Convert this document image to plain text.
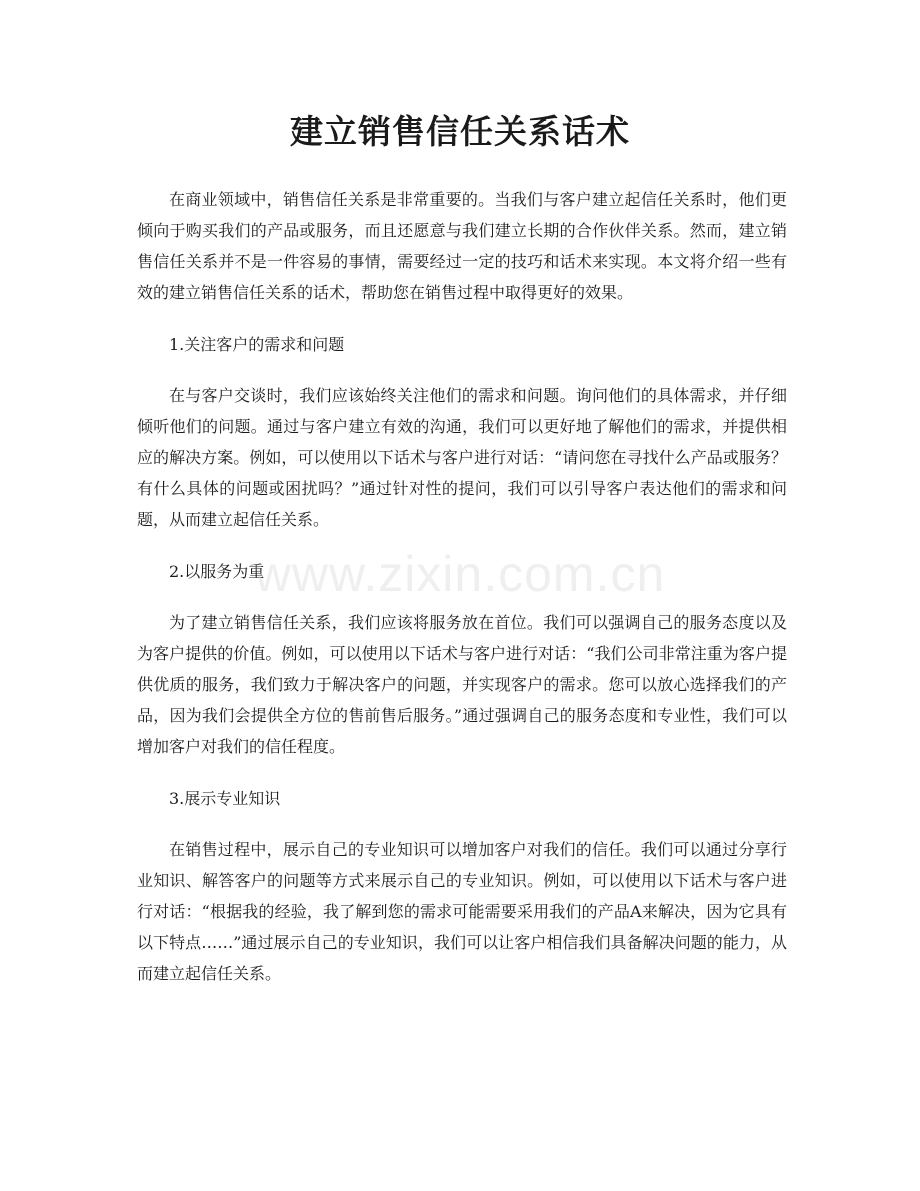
建立销售信任关系话术

在商业领域中，销售信任关系是非常重要的。当我们与客户建立起信任关系时，他们更倾向于购买我们的产品或服务，而且还愿意与我们建立长期的合作伙伴关系。然而，建立销售信任关系并不是一件容易的事情，需要经过一定的技巧和话术来实现。本文将介绍一些有效的建立销售信任关系的话术，帮助您在销售过程中取得更好的效果。

1.关注客户的需求和问题

在与客户交谈时，我们应该始终关注他们的需求和问题。询问他们的具体需求，并仔细倾听他们的问题。通过与客户建立有效的沟通，我们可以更好地了解他们的需求，并提供相应的解决方案。例如，可以使用以下话术与客户进行对话：“请问您在寻找什么产品或服务？有什么具体的问题或困扰吗？”通过针对性的提问，我们可以引导客户表达他们的需求和问题，从而建立起信任关系。

2.以服务为重

为了建立销售信任关系，我们应该将服务放在首位。我们可以强调自己的服务态度以及为客户提供的价值。例如，可以使用以下话术与客户进行对话：“我们公司非常注重为客户提供优质的服务，我们致力于解决客户的问题，并实现客户的需求。您可以放心选择我们的产品，因为我们会提供全方位的售前售后服务。”通过强调自己的服务态度和专业性，我们可以增加客户对我们的信任程度。

3.展示专业知识

在销售过程中，展示自己的专业知识可以增加客户对我们的信任。我们可以通过分享行业知识、解答客户的问题等方式来展示自己的专业知识。例如，可以使用以下话术与客户进行对话：“根据我的经验，我了解到您的需求可能需要采用我们的产品A来解决，因为它具有以下特点……”通过展示自己的专业知识，我们可以让客户相信我们具备解决问题的能力，从而建立起信任关系。

www.zixin.com.cn
